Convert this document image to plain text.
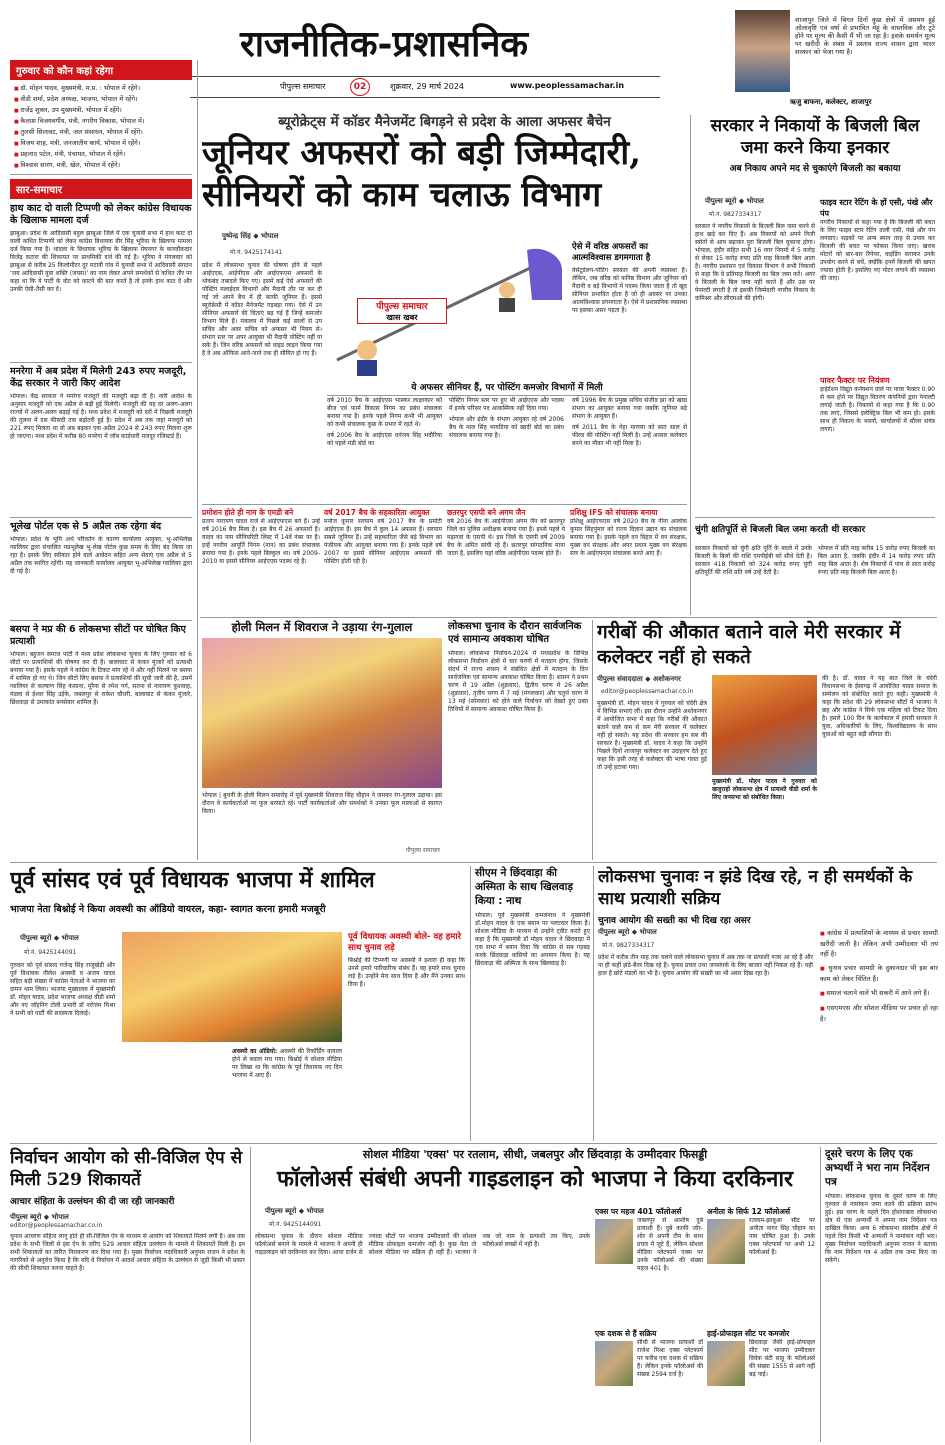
राजनीतिक-प्रशासनिक
पीपुल्स समाचार	02	शुक्रवार, 29 मार्च 2024	www.peoplessamachar.in
शाजापुर जिले में बिगत दिनों कुछ क्षेत्रों में असमय हुई ओलावृष्टि एवं वर्षा से प्रभावित मेहूं के वास्तविक और टूटे होने पर मूल्य की कैसी मैं भी जा रहा है। इसके समर्थन मूल्य पर खरीदी के संबंध में प्रस्ताव राज्य शासन द्वारा भारत सरकार को भेजा गया है।
ऋजु बाफना, कलेक्टर, शाजापुर
गुरुवार को कौन कहां रहेगा
■ डॉ. मोहन यादव, मुख्यमंत्री, म.प्र. : भोपाल में रहेंगे।
■ वीडी शर्मा, प्रदेश अध्यक्ष, भाजपा, भोपाल में रहेंगे।
■ राजेंद्र शुक्ल, उप मुख्यमंत्री, भोपाल में रहेंगे।
■ कैलाश विजयवर्गीय, मंत्री, नगरीय विकास, भोपाल में।
■ तुलसी सिलावट, मंत्री, जल संसाधन, भोपाल में रहेंगे।
■ विजय शाह, मंत्री, जनजातीय कार्य, भोपाल में रहेंगे।
■ प्रहलाद पटेल, मंत्री, पंचायत, भोपाल में रहेंगे।
■ विश्वास सारंग, मंत्री, खेल, भोपाल में रहेंगे।
सार-समाचार
हाथ काट दो वाली टिप्पणी को लेकर कांग्रेस विधायक के खिलाफ मामला दर्ज
झाबुआ। प्रदेश के आदिवासी बहुल झाबुआ जिले में एक चुनावी सभा में हाथ काट दो वाली कथित टिप्पणी को लेकर कांग्रेस विधायक वीर सिंह भूरिया के खिलाफ मामला दर्ज किया गया है। थांदला के विधायक भूरिया के खिलाफ मेघनगर के कारवौकदार विजेंद्र कटारा की शिकायत पर प्राथमिकी दर्ज की गई है। भूरिया ने मंगलवार को झाबुआ से करीब 25 किलोमीटर दूर मटानी गांव में चुनावी सभा में आदिवासी संगठन 'जय आदिवासी युवा शक्ति (जयस)' का नाम लेकर अपने समर्थकों से कथित तौर पर कहा था कि ये पार्टी के वोट को काटने की बात करते है तो इनके हाथ काट दें और उनकी ऐसी-तैसी कर दें।
मनरेगा में अब प्रदेश में मिलेगी 243 रुपए मजदूरी, केंद्र सरकार ने जारी किए आदेश
भोपाल। केंद्र सरकार ने मनरेगा मजदूरों की मजदूरी बढ़ा दी है। नारी आदेश के अनुसार मजदूरी को एक अप्रैल से बढ़ी हुई मिलेगी। मजदूरी की यह दर अलग-अलग राज्यों में अलग-अलग बढ़ाई गई है। मध्य प्रदेश में मजदूरी को दरों में पिछली मजदूरी की तुलना में दस फीसदी तक बढ़ोतरी हुई है। प्रदेश में अब तक जहां मजदूरों को 221 रुपए मिलता था वो अब बढ़कर एक अप्रैल 2024 से 243 रुपए मिलना शुरू हो जाएगा। मध्य प्रदेश में करीब 80 मनरेगा में जॉब कार्डधारी मजदूर रजिस्टर्ड हैं।
भूलेख पोर्टल एक से 5 अप्रैल तक रहेगा बंद
भोपाल। प्रदेश के भूमि अर्थ परिवर्तन के कारण कार्यालय आयुक्त, भू-अभिलेख ग्वालियर द्वारा संचालित मप्रभूलेख भू-लेख पोर्टल कुछ समय के लिए बंद किया जा रहा है। इसके लिए स्वीकार होने वाले आवेदन सहित अन्य सेवाएं एक अप्रैल से 5 अप्रैल तक स्थगित रहेंगी। यह जानकारी कार्यालय आयुक्त भू-अभिलेख ग्वालियर द्वारा दी गई है।
बसपा ने मप्र की 6 लोकसभा सीटों पर घोषित किए प्रत्याशी
भोपाल। बहुजन समाज पार्टी ने मध्य प्रदेश लोकसभा चुनाव के लिए गुरुवार को 6 सीटों पर प्रत्याशियों की घोषणा कर दी है। बालाघाट से कंकर मुंजारे को प्रत्याशी बनाया गया है। इसके पहले ने कांग्रेस के टिकट मांग रहे थे और नहीं मिलने पर बसपा में शामिल हो गए थे। जिन सीटों लिए बसपा ने प्रत्याशियों की सूची जारी की है, उसमें ग्वालियर से कल्याण सिंह कंसाना, मुरैना से रमेश गर्ग, सतना से नारायण कुशवाह, मंडला से ईश्वर सिंह उईके, जबलपुर से राकेश चौधरी, बालाघाट से कंकर मुंजारे, छिंदवाड़ा से उमाकांत बनसेवार शामिल हैं।
ब्यूरोक्रेट्स में कॉडर मैनेजमेंट बिगड़ने से प्रदेश के आला अफसर बैचेन
जूनियर अफसरों को बड़ी जिम्मेदारी,
सीनियरों को काम चलाऊ विभाग
पुष्पेन्द्र सिंह ◆ भोपाल
मो.नं. 9425174141
प्रदेश में लोकसभा चुनाव की घोषणा होने से पहले आईएएस, आईपीएस और आईएफएस अफसरों के थोकबंद तबादले किए गए। इसमें कई ऐसे अफसरों की पोस्टिंग मलाईदार विभागों और मैदानी तौर पर कर दी गई जो अपने बैच में ही काफी जूनियर हैं। इससे ब्यूरोक्रेसी में कॉडर मैनेजमेंट गड़बड़ा गया। ऐसे में उन सीनियर अफसरों की चिंताएं बढ़ गई हैं जिन्हें कमजोर विभाग मिले हैं। मंत्रालय में पिछले कई सालों से उप सचिव और अवर सचिव को अफसर भी नियम से। संभाग स्तर पर अपर आयुक्त भी मैदानी पोस्टिंग नहीं पा सके हैं। जिन वरिष्ठ अफसरों को वाइड लाइन किया गया है वे अब ऑफिस आने-जाने तक ही सीमित हो गए हैं।
पीपुल्स समाचार
खास खबर
ऐसे में वरिष्ठ अफसरों का आत्मविश्वास डगमगाता है
वेसेटूडेलप-पोटिंग सरकार की अपनी व्यवस्था है। लेकिन, जब वरिष्ठ को कनिष्ठ विभाग और जूनियर को मैदानी व बड़े विभागों में पदस्थ किया जाता है तो खुद सीनियर प्रभावित होता है जो ही अवसर पर उनका आत्मविश्वास डगमगाता है। ऐसे में प्रशासनिक व्यवस्था पर इसका असर पड़ता है।
ये अफसर सीनियर हैं, पर पोस्टिंग कमजोर विभागों में मिली
वर्ष 2010 बैच के आईएएस भास्कर लाक्षाकार को बीज एवं फार्म विकास निगम का प्रबंध संचालक बनाया गया है। इनके पहले निगम कभी भी आयुक्त को कभी संचालक कुछ के प्रभार में रहते थे।
वर्ष 2006 बैच के आईएएस धनंजय सिंह भदौरिया को पहले मंडी बोर्ड का
पोस्टिंग निगम स्तर पर हुए भी आईएएस और पदस्थ में इनके परिसर पद आकस्मिक नहीं दिया गया।
भोपाल और इंदौर के संभाग आयुक्त रहे वर्ष 2006 बैच के माल सिंह भायडिया को खादी बोर्ड का प्रबंध संचालक बनाया गया है।
वर्ष 1996 बैच के प्रमुख सचिव संजीव झा को खाद्य संभाग का आयुक्त बनाया गया जबकि जूनियर बड़े संभाग के आयुक्त हैं।
वर्ष 2011 बैच के नेहा मारव्या को सात साल से फील्ड की पोस्टिंग नहीं मिली है। उन्हें अवसर कलेक्टर बनने का मौका भी नहीं मिला है।
प्रमोशन होते ही नाम के एमडी बने
प्रताप नारायण यादव राजे से आईएफएस बने हैं। उन्हें वर्ष 2016 बैच मिला है। इस बैच में 26 अफसरों हैं। यादव का नाम सीनियरिटी लिस्ट में 14वें नंबर पर है। इन्हें नगरीय आपूर्ति निगम (नान) का प्रबंध संचालक बनाया गया है। इनके पहले बिल्कुल था। वर्ष 2009-2010 या इससे सीनियर आईएएस पदस्थ रहे हैं।
वर्ष 2017 बैच के सहकारिता आयुक्त
मनोज कुमार सरयाम वर्ष 2017 बैच के प्रमोटी आईएएस हैं। इस बैच में कुल 14 अफसर हैं। सरयाम सबसे जूनियर हैं। उन्हें सहकारिता जैसे बड़े विभाग का पंजीयक और आयुक्त बनाया गया है। इनके पहले वर्ष 2007 या इससे सीनियर आईएएस अफसरों की पोस्टिंग होती रही है।
छतरपुर एसपी बने अगम जैन
वर्ष 2016 बैच के आईपीएस अगम जैन को छतरपुर जिले का पुलिस अधीक्षक बनाया गया है। इनसे पहले ये मझगवां के एसपी थे। इस जिले के एसपी वर्ष 2009 बैच के अमित सांघी रहे हैं। छतरपुर सांगठनिक माना जाता है, इसलिए यहां वरिष्ठ आईपीएस पदस्थ होते हैं।
प्रशिक्षु IFS को संचालक बनाया
प्रशिक्षु आईएफएस वर्ष 2020 बैच के नीना आलोक कुमार सिंहपुंमार को राज्य विज्ञान उद्यान का संचालक बनाया गया है। इसके पहले वन विहार में वन संरक्षक, मुख्य वन संरक्षक और अपर प्रधान मुख्य वन संरक्षक स्तर के आईएफएस संचालक बनते आए हैं।
सरकार ने निकायों के बिजली बिल जमा करने किया इनकार
अब निकाय अपने मद से चुकाएंगे बिजली का बकाया
पीपुल्स ब्यूरो ◆ भोपाल
मो.नं. 9827334317
सरकार ने नगरीय निकायों के बिजली बिल जमा करने से हाथ खड़े कर दिए हैं। अब निकायों को अपने निजी स्त्रोतों से आय बढ़ाकर पुरा बिजली बिल चुकाना होगा। भोपाल, इंदौर सहित सभी 16 नगर निगमों में 5 करोड़ से लेकर 15 करोड़ रुपए प्रति माह बिजली बिल आता है। नगरीय प्रशासन एवं विकास विभाग ने सभी निकायों से कहा कि वे प्रतिमाह बिजली का बिल जमा करें। अगर वे बिजली के बिल जमा नहीं करते हैं और उस पर पेनाल्टी लगती है तो इसकी जिम्मेदारी नगरीय निकाय के कमिश्नर और सीएमओ की होगी।
फाइव स्टार रेटिंग के हों एसी, पंखे और पंप
नगरीय निकायों से कहा गया है कि बिजली की बचत के लिए फाइव स्टार रेटिंग वाली एसी, पंखे और पंप लगवाए। सड़कों पर अन्य स्मान तरह से उपाय कर बिजली की बचत पर फोकस किया जाए। खराब मोटरों को बार-बार रिपेयर, वाइंडिंग कराकर उनके उपयोग करने से बचें, क्योंकि इनमें बिजली की खपत ज्यादा होती है। इसलिए नए मोटर लगाने की व्यवस्था की जाए।
पावर फैक्टर पर नियंत्रण
हाईटेंशन विद्युत कनेक्शन वाले पर पावर फैक्टर 0.90 से कम होने पर विद्युत वितरण कंपनियों द्वारा पेनाल्टी लगाई जाती है। निकायों से कहा गया है कि 0.90 तक लाएं, जिससे इलेक्ट्रिक बिल भी कम हो। इसके साथ ही निकाय के भवनों, कार्यालयों में सौलर संयंत्र लगाएं।
चुंगी क्षतिपूर्ति से बिजली बिल जमा करती थी सरकार
सरकार निकायों को चुंगी क्षति पूर्ति के बदले में उनके बिजली के बिलों की राशि एमपीईबी को सीधे देती है। सरकार 418 निकायों को 324 करोड़ रुपए चुंगी क्षतिपूर्ति की राशि प्रति वर्ष उन्हें देती है।
भोपाल में प्रति माह करीब 15 करोड़ रुपए बिजली का बिल आता है, जबकि इंदौर में 14 करोड़ रुपए प्रति माह बिल आता है। शेष निकायों में पांच से सात करोड़ रुपए प्रति माह बिजली बिल आता है।
होली मिलन में शिवराज ने उड़ाया रंग-गुलाल
भोपाल | बुधनी के होली मिलन समारोह में पूर्व मुख्यमंत्री शिवराज सिंह चौहान ने जमकर रंग-गुलाल उड़ाया। इस दौरान वे कार्यकर्ताओं पर फूल बरसाते रहे। पार्टी कार्यकर्ताओं और समर्थकों ने उनका फूल मालाओं से स्वागत किया।
पीपुल्स समाचार
लोकसभा चुनाव के दौरान सार्वजनिक एवं सामान्य अवकाश घोषित
भोपाल। लोकसभा निर्वाचन-2024 में मध्यप्रदेश के विभिन्न लोकसभा निर्वाचन क्षेत्रों में चार चरणों में मतदान होगा, जिसके संदर्भ में राज्य शासन ने संबंधित क्षेत्रों में मतदान के दिन सार्वजनिक एवं सामान्य अवकाश घोषित किया है। शासन ने प्रथम चरण में 19 अप्रैल (शुक्रवार), द्वितीय चरण में 26 अप्रैल (शुक्रवार), तृतीय चरण में 7 मई (मंगलवार) और चतुर्थ चरण में 13 मई (सोमवार) को होने वाले निर्वाचन को देखते हुए उक्त तिथियों में सामान्य अवकाश घोषित किया है।
गरीबों की औकात बताने वाले मेरी सरकार में कलेक्टर नहीं हो सकते
पीपुल्स संवाददाता ◆ अशोकनगर
editor@peoplessamachar.co.in
मुख्यमंत्री डॉ. मोहन यादव ने गुरुवार को चंदेरी क्षेत्र में विभिन्न सभाएं लीं। इस दौरान उन्होंने अशोकनगर में आयोजित सभा में कहा कि गरीबों की औकात बताने वाले कम से कम मेरी सरकार में कलेक्टर नहीं हो सकते। यह प्रदेश की सरकार हम सब की सरकार है। मुख्यमंत्री डॉ. यादव ने कहा कि उन्होंने पिछले दिनों शाजापुर कलेक्टर का उदाहरण देते हुए कहा कि इसी तरह से कलेक्टर की भाषा गलत हुई तो उन्हें हटाया गया।
मुख्यमंत्री डॉ. मोहन यादव ने गुरुवार को खजुराहो लोकसभा क्षेत्र में प्रत्याशी वीडी शर्मा के लिए जनसभा को संबोधित किया।
की है। डॉ. यादव ने यह बात जिले के चंदेरी विधानसभा के ईसागढ़ में आयोजित यादव समाज के सम्मेलन को संबोधित करते हुए कही। मुख्यमंत्री ने कहा कि प्रदेश की 29 लोकसभा सीटों में भाजपा ने छह और कांग्रेस ने सिर्फ एक महिला को टिकट दिया है। हमारे 100 दिन के कार्यकाल में हमारी सरकार ने युवा, अधिकारियों के लिए, विश्वविद्यालय के साथ युवाओं को बहुत बड़ी सौगात दी।
पूर्व सांसद एवं पूर्व विधायक भाजपा में शामिल
भाजपा नेता बिश्नोई ने किया अवस्थी का ऑडियो वायरल, कहा- स्वागत करना हमारी मजबूरी
पीपुल्स ब्यूरो ◆ भोपाल
मो.नं. 9425144091
गुरुवार को पूर्व सांसद गजेन्द्र सिंह राजूखेड़ी और पूर्व विधायक नीलेश अवस्थी व अजय यादव सहित बड़ी संख्या में कांग्रेस नेताओं ने भाजपा का दामन थाम लिया। भाजपा मुख्यालय में मुख्यमंत्री डॉ. मोहन यादव, प्रदेश भाजपा अध्यक्ष वीडी शर्मा और नए जॉइनिंग टोली प्रभारी डॉ नरोत्तम मिश्रा ने सभी को पार्टी की सदस्यता दिलाई।
अवस्थी का ऑडियो: अवस्थी की रिकॉर्डिंग वायरल होने से बवाल मच गया। बिश्नोई ने सोशल मीडिया पर लिखा था कि कांग्रेस के पूर्व विधायक नए दिन भाजपा में आए हैं।
पूर्व विधायक अवस्थी बोले- वह हमारे साथ चुनाव लड़े
बिश्नोई की टिप्पणी पर अवस्थी ने इशारा ही कहा कि उनसे हमारे पारिवारिक संबंध हैं। वह हमारे साथ चुनाव लड़े हैं। उन्होंने मेरा साथ दिया है और मैंने उनका साथ दिया है।
सीएम ने छिंदवाड़ा की अस्मिता के साथ खिलवाड़ किया : नाथ
भोपाल। पूर्व मुख्यमंत्री कमलनाथ ने मुख्यमंत्री डॉ.मोहन यादव के एक बयान पर पलटवार किया है। सोशल मीडिया के माध्यम से उन्होंने ट्वीट करते हुए कहा है कि मुख्यमंत्री डॉ मोहन यादव ने छिंदवाड़ा में एक सभा में बयान दिया कि कांग्रेस से सब गड़बड़ करके छिंदवाड़ा वासियों का अपमान किया है। यह छिंदवाड़ा की अस्मिता के साथ खिलवाड़ है।
लोकसभा चुनावः न झंडे दिख रहे, न ही समर्थकों के साथ प्रत्याशी सक्रिय
चुनाव आयोग की सख्ती का भी दिख रहा असर
पीपुल्स ब्यूरो ◆ भोपाल
मो.नं. 9827334317
प्रदेश में करीब तीन माह तक चलने वाले लोकसभा चुनाव में अब तक ना प्रत्याशी नजर आ रहे हैं और ना ही कहीं झंडे-बैनर दिख रहे हैं। चुनाव प्रचार तथा जनसंपर्क के लिए बाजार नहीं निकल रहे हैं। यही हाल है छोटे मंडलों का भी है। चुनाव आयोग की सख्ती का भी असर दिख रहा है।
■ कांग्रेस में प्रत्याशियों के माध्यम से प्रचार सामग्री खरीदी जाती है। लेकिन अभी उम्मीदवार भी तय नहीं है।
■ चुनाव प्रचार सामग्री के दुकानदार भी इस बार काम को लेकर चिंतित हैं।
■ समाज चलाने वाले भी सकरी में आने लगे हैं।
■ एसएमएस और सोशल मीडिया पर प्रचार हो रहा है।
निर्वाचन आयोग को सी-विजिल ऐप से मिली 529 शिकायतें
आचार संहिता के उल्लंघन की दी जा रही जानकारी
पीपुल्स ब्यूरो ◆ भोपाल
editor@peoplessamachar.co.in
चुनाव आचरण संहिता लागू होते ही सी-विजिल ऐप के माध्यम से आयोग को शिकायतें मिलने लगी हैं। अब तक प्रदेश के सभी जिलों से इस ऐप के ज़रिए 529 आचार संहिता उल्लंघन के मामले में शिकायतें मिली हैं। इन सभी शिकायतों का त्वरित निराकरण कर दिया गया है। मुख्य निर्वाचन पदाधिकारी अनुपम राजन ने प्रदेश के नागरिकों से अनुरोध किया है कि यदि वे निर्वाचन में आदर्श आचार संहिता के उल्लंघन से जुड़ी किसी भी प्रकार की सीधी शिकायत करना चाहते हैं।
सोशल मीडिया 'एक्स' पर रतलाम, सीधी, जबलपुर और छिंदवाड़ा के उम्मीदवार फिसड्डी
फॉलोअर्स संबंधी अपनी गाइडलाइन को भाजपा ने किया दरकिनार
पीपुल्स ब्यूरो ◆ भोपाल
मो.नं. 9425144091
लोकसभा चुनाव के दौरान सोशल मीडिया फॉलोअर्स बनाने के मामले में भाजपा ने अपनी ही गाइडलाइन को दरकिनार कर दिया। आधा दर्जन से ज्यादा सीटों पर भाजपा उम्मीदवारों की सोशल मीडिया प्रोफाइल कमजोर नहीं है। कुछ नेता तो सोशल मीडिया पर सक्रिय ही नहीं हैं। भाजपा ने जब जो नाम के प्रत्याशी तय किए, उनके फॉलोअर्स लाखों में नहीं हैं।
एक्स पर महज 401 फॉलोअर्स
जबलपुर से आशीष दुबे प्रत्याशी हैं। दुबे काफी जोर-शोर से अपनी टीम के साथ प्रचार में जुटे हैं, लेकिन सोशल मीडिया प्लेटफार्म एक्स पर उनके फॉलोअर्स की संख्या महज 401 है।
अनीता के सिर्फ 12 फॉलोअर्स
रतलाम-झाबुआ सीट पर अनीता नागर सिंह चौहान का नाम घोषित हुआ है। उनके एक्स प्लेटफार्म पर अभी 12 फॉलोअर्स हैं।
एक दशक से हैं सक्रिय
सीधी से भाजपा प्रत्याशी डॉ राजेश मिश्रा एक्स प्लेटफार्म पर करीब एक दशक से सक्रिय हैं। लेकिन इनके फॉलोअर्स की संख्या 2594 दर्ज है।
हाई-प्रोफाइल सीट पर कमजोर
छिंदवाड़ा जैसी हाई-प्रोफाइल सीट पर भाजपा उम्मीदवार विवेक बंटी साहू के फॉलोअर्स की संख्या 1555 से आगे नहीं बढ़ पाई।
दूसरे चरण के लिए एक अभ्यर्थी ने भरा नाम निर्देशन पत्र
भोपाल। लोकसभा चुनाव के दूसरे चरण के लिए गुरुवार से नामांकन जमा करने की प्रक्रिया प्रारंभ हुई। इस चरण के पहले दिन होशंगाबाद लोकसभा क्षेत्र से एक अभ्यर्थी ने अपना नाम निर्देशन पत्र दाखिल किया। अन्य 6 लोकसभा संसदीय क्षेत्रों में पहले दिन किसी भी अभ्यर्थी ने नामांकन नहीं भरा। मुख्य निर्वाचन पदाधिकारी अनुपम राजन ने बताया कि नाम निर्देशन पत्र 4 अप्रैल तक जमा किए जा सकेंगे।
